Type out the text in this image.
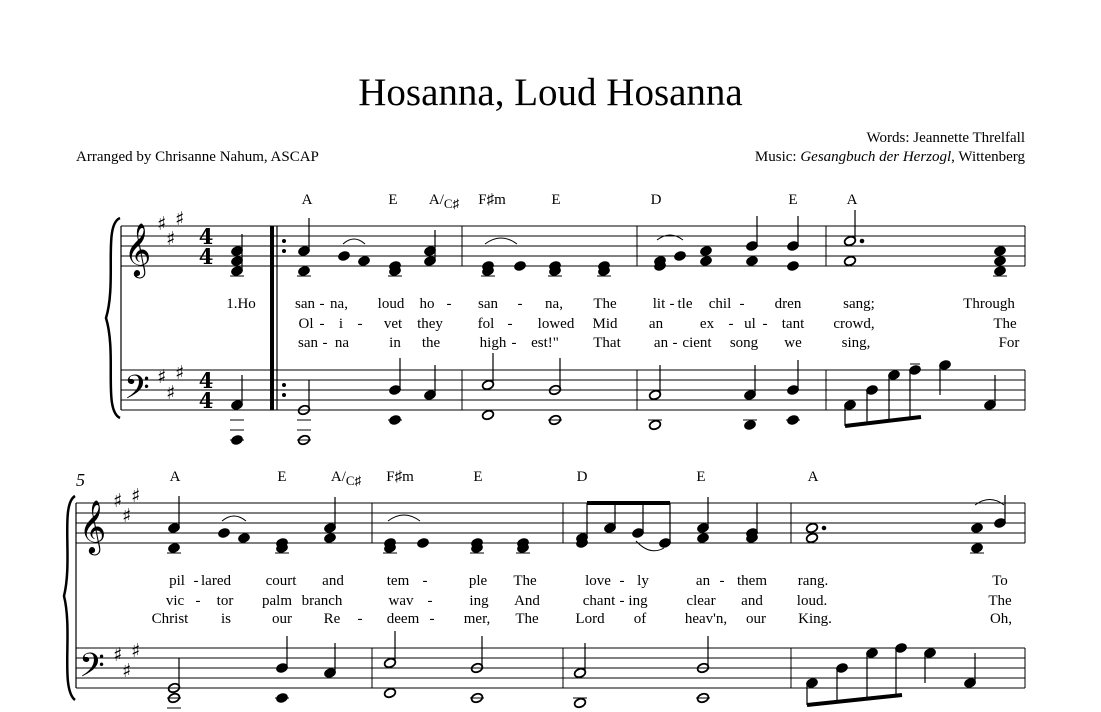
Hosanna, Loud Hosanna
Arranged by Chrisanne Nahum, ASCAP
Words: Jeannette Threlfall
Music: Gesangbuch der Herzogl, Wittenberg
𝄞
𝄢
♯
♯
♯
♯
♯
♯
4
4
4
4
A	E A/C♯ F♯m	E	D	E	A
1.Ho - san - na, loud ho - san - na, The lit - tle chil - dren	sang;	Through
Ol - i - vet they fol - lowed Mid an ex - ul - tant crowd,	The
san - na	in the	high - est!" That an - cient song we	sing,	For
5
𝄞
𝄢
♯
♯
♯
♯
♯
♯
A	E	A/C♯ F♯m	E	D	E	A
pil - lared court and	tem -	ple The	love - ly	an - them rang.	To
vic - tor palm branch	wav - ing And	chant - ing	clear and loud.	The
Christ is	our Re - deem - mer, The Lord of	heav'n, our King.	Oh,
